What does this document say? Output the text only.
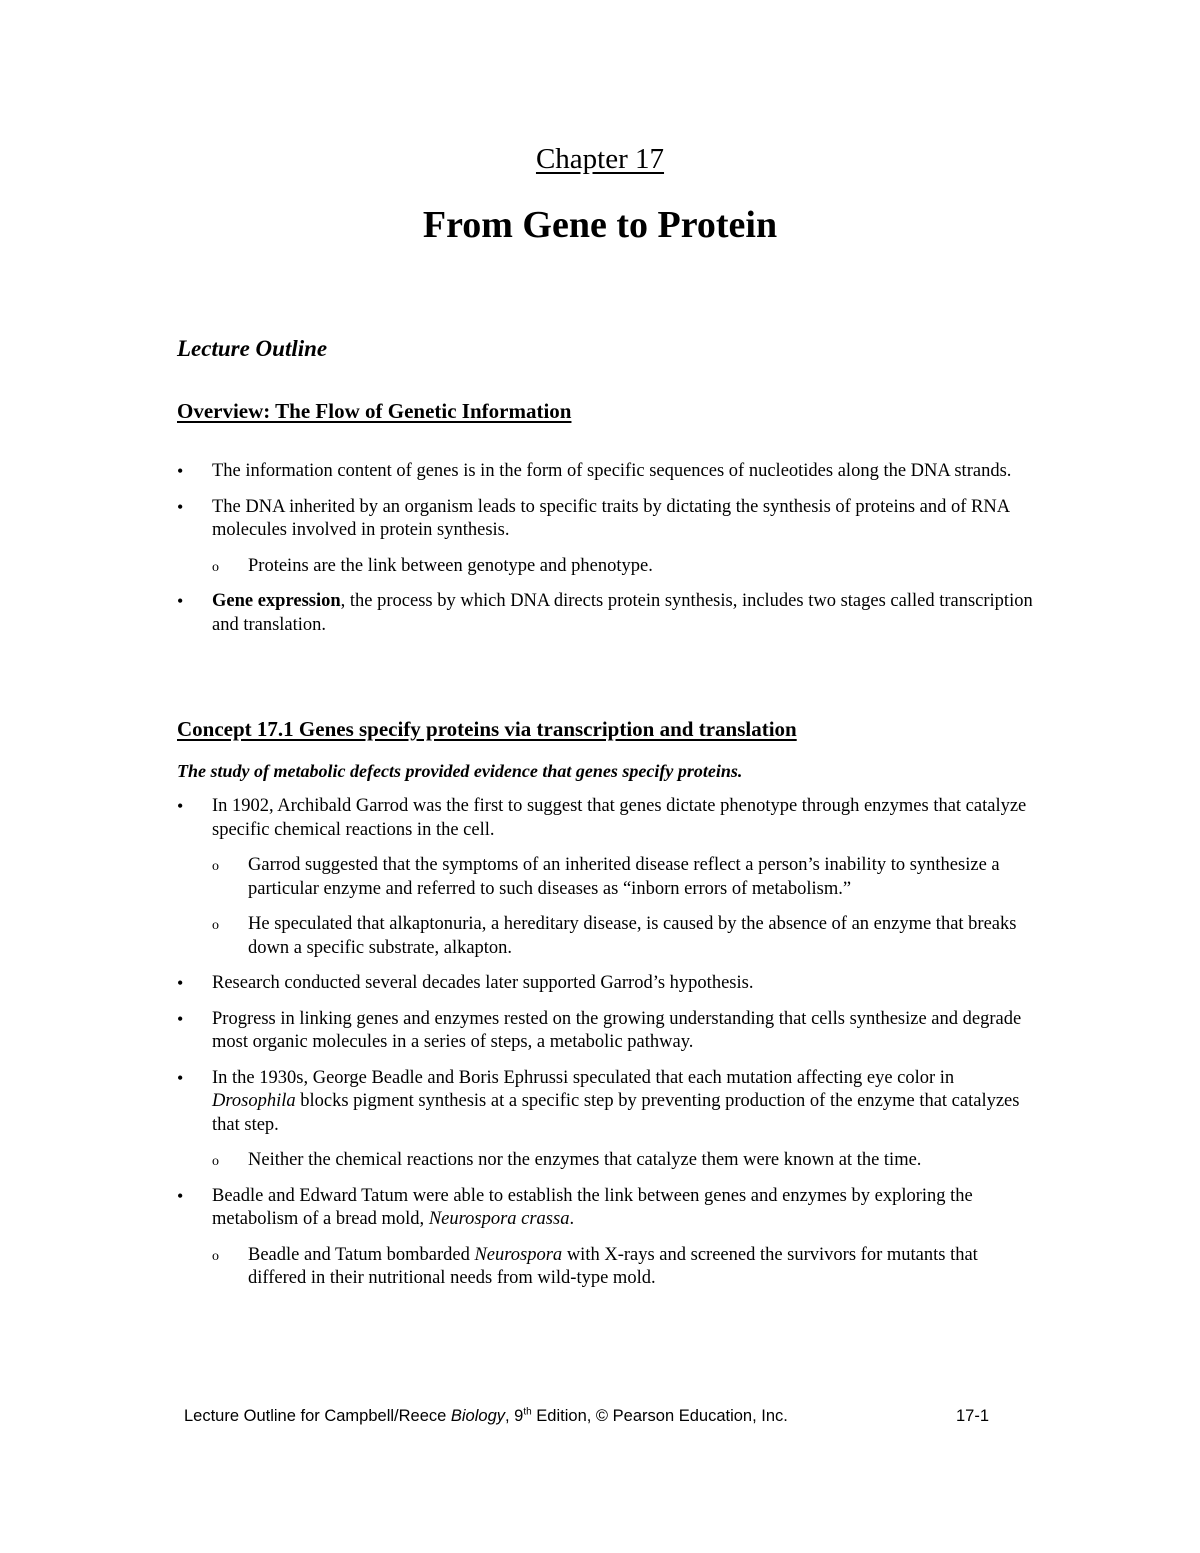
Chapter 17
From Gene to Protein
Lecture Outline
Overview: The Flow of Genetic Information
• The information content of genes is in the form of specific sequences of nucleotides along the DNA strands.
• The DNA inherited by an organism leads to specific traits by dictating the synthesis of proteins and of RNA molecules involved in protein synthesis.
o Proteins are the link between genotype and phenotype.
• Gene expression, the process by which DNA directs protein synthesis, includes two stages called transcription and translation.
Concept 17.1 Genes specify proteins via transcription and translation
The study of metabolic defects provided evidence that genes specify proteins.
• In 1902, Archibald Garrod was the first to suggest that genes dictate phenotype through enzymes that catalyze specific chemical reactions in the cell.
o Garrod suggested that the symptoms of an inherited disease reflect a person’s inability to synthesize a particular enzyme and referred to such diseases as “inborn errors of metabolism.”
o He speculated that alkaptonuria, a hereditary disease, is caused by the absence of an enzyme that breaks down a specific substrate, alkapton.
• Research conducted several decades later supported Garrod’s hypothesis.
• Progress in linking genes and enzymes rested on the growing understanding that cells synthesize and degrade most organic molecules in a series of steps, a metabolic pathway.
• In the 1930s, George Beadle and Boris Ephrussi speculated that each mutation affecting eye color in Drosophila blocks pigment synthesis at a specific step by preventing production of the enzyme that catalyzes that step.
o Neither the chemical reactions nor the enzymes that catalyze them were known at the time.
• Beadle and Edward Tatum were able to establish the link between genes and enzymes by exploring the metabolism of a bread mold, Neurospora crassa.
o Beadle and Tatum bombarded Neurospora with X-rays and screened the survivors for mutants that differed in their nutritional needs from wild-type mold.
Lecture Outline for Campbell/Reece Biology, 9th Edition, © Pearson Education, Inc.	17-1
